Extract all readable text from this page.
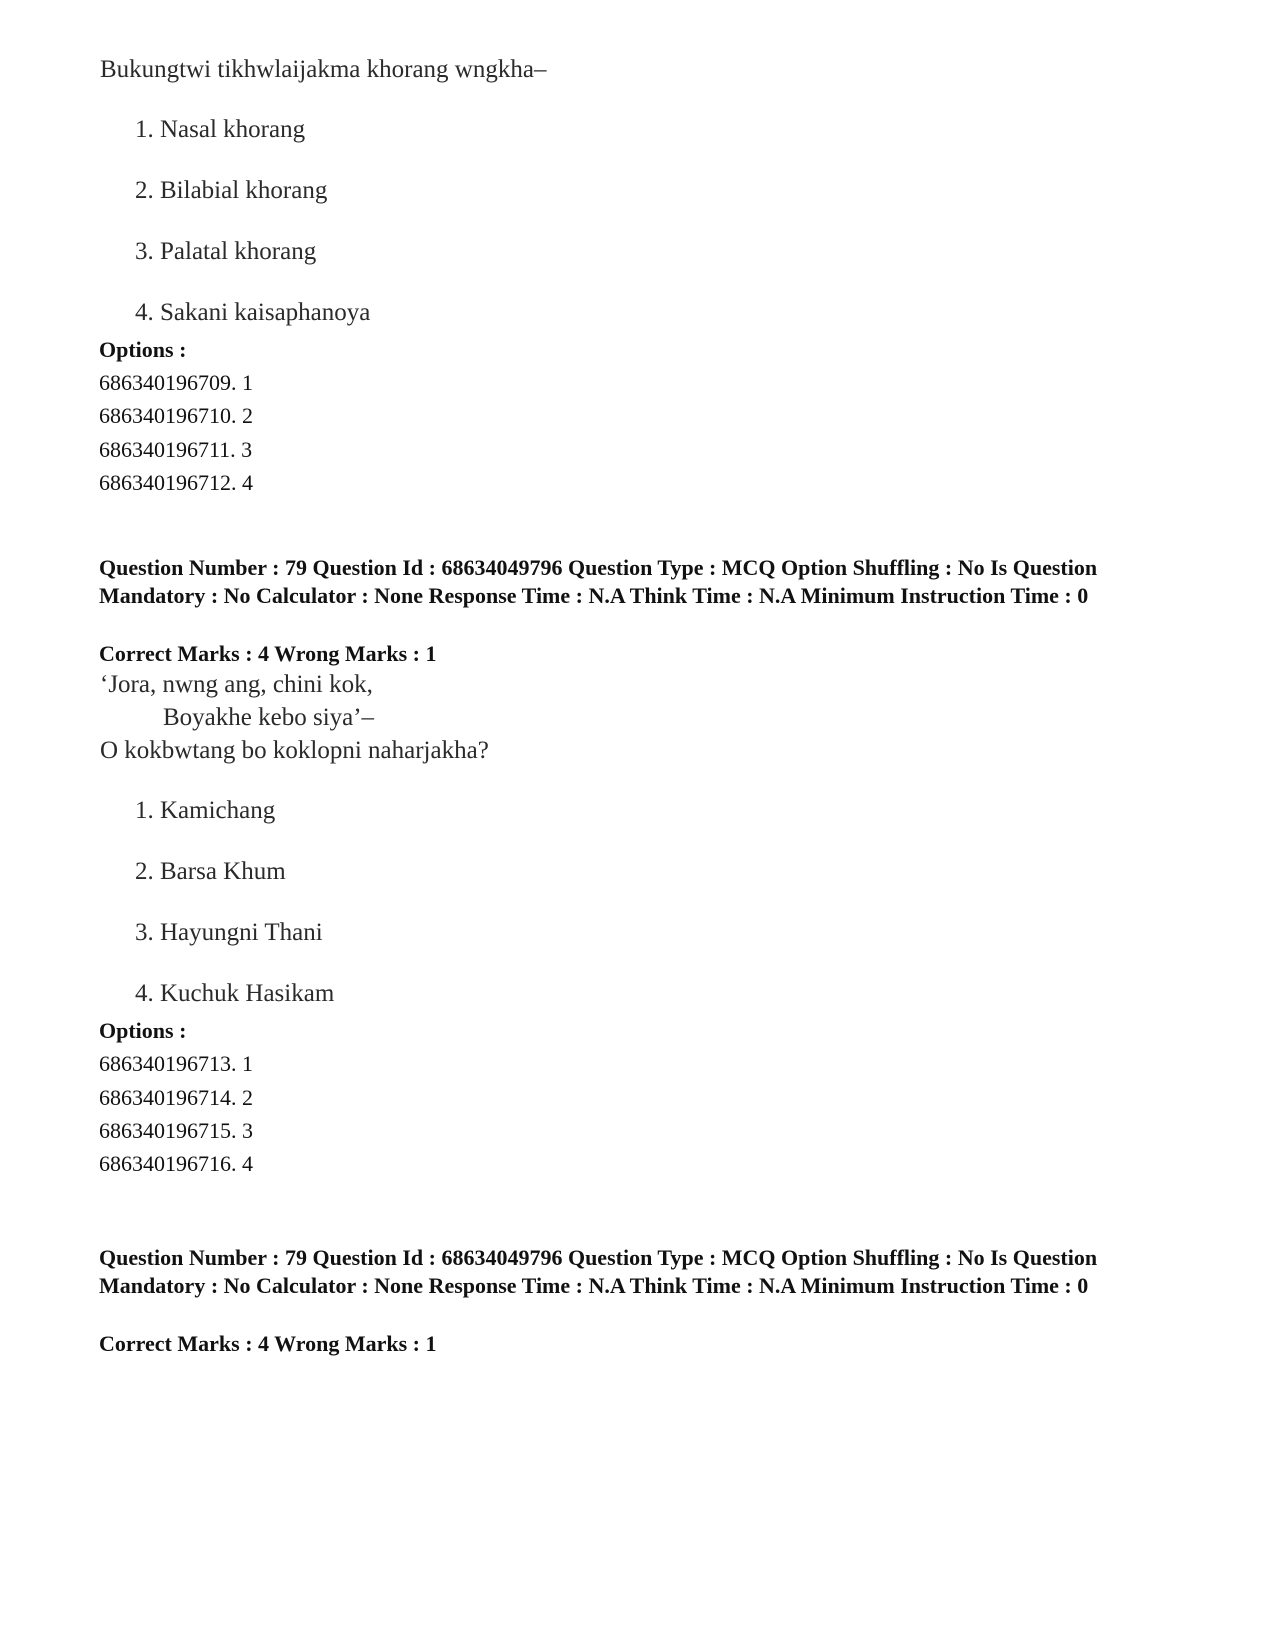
Bukungtwi tikhwlaijakma khorang wngkha–
1. Nasal khorang
2. Bilabial khorang
3. Palatal khorang
4. Sakani kaisaphanoya
Options :
686340196709. 1
686340196710. 2
686340196711. 3
686340196712. 4
Question Number : 79 Question Id : 68634049796 Question Type : MCQ Option Shuffling : No Is Question Mandatory : No Calculator : None Response Time : N.A Think Time : N.A Minimum Instruction Time : 0
Correct Marks : 4 Wrong Marks : 1
‘Jora, nwng ang, chini kok,
Boyakhe kebo siya’–
O kokbwtang bo koklopni naharjakha?
1. Kamichang
2. Barsa Khum
3. Hayungni Thani
4. Kuchuk Hasikam
Options :
686340196713. 1
686340196714. 2
686340196715. 3
686340196716. 4
Question Number : 79 Question Id : 68634049796 Question Type : MCQ Option Shuffling : No Is Question Mandatory : No Calculator : None Response Time : N.A Think Time : N.A Minimum Instruction Time : 0
Correct Marks : 4 Wrong Marks : 1
